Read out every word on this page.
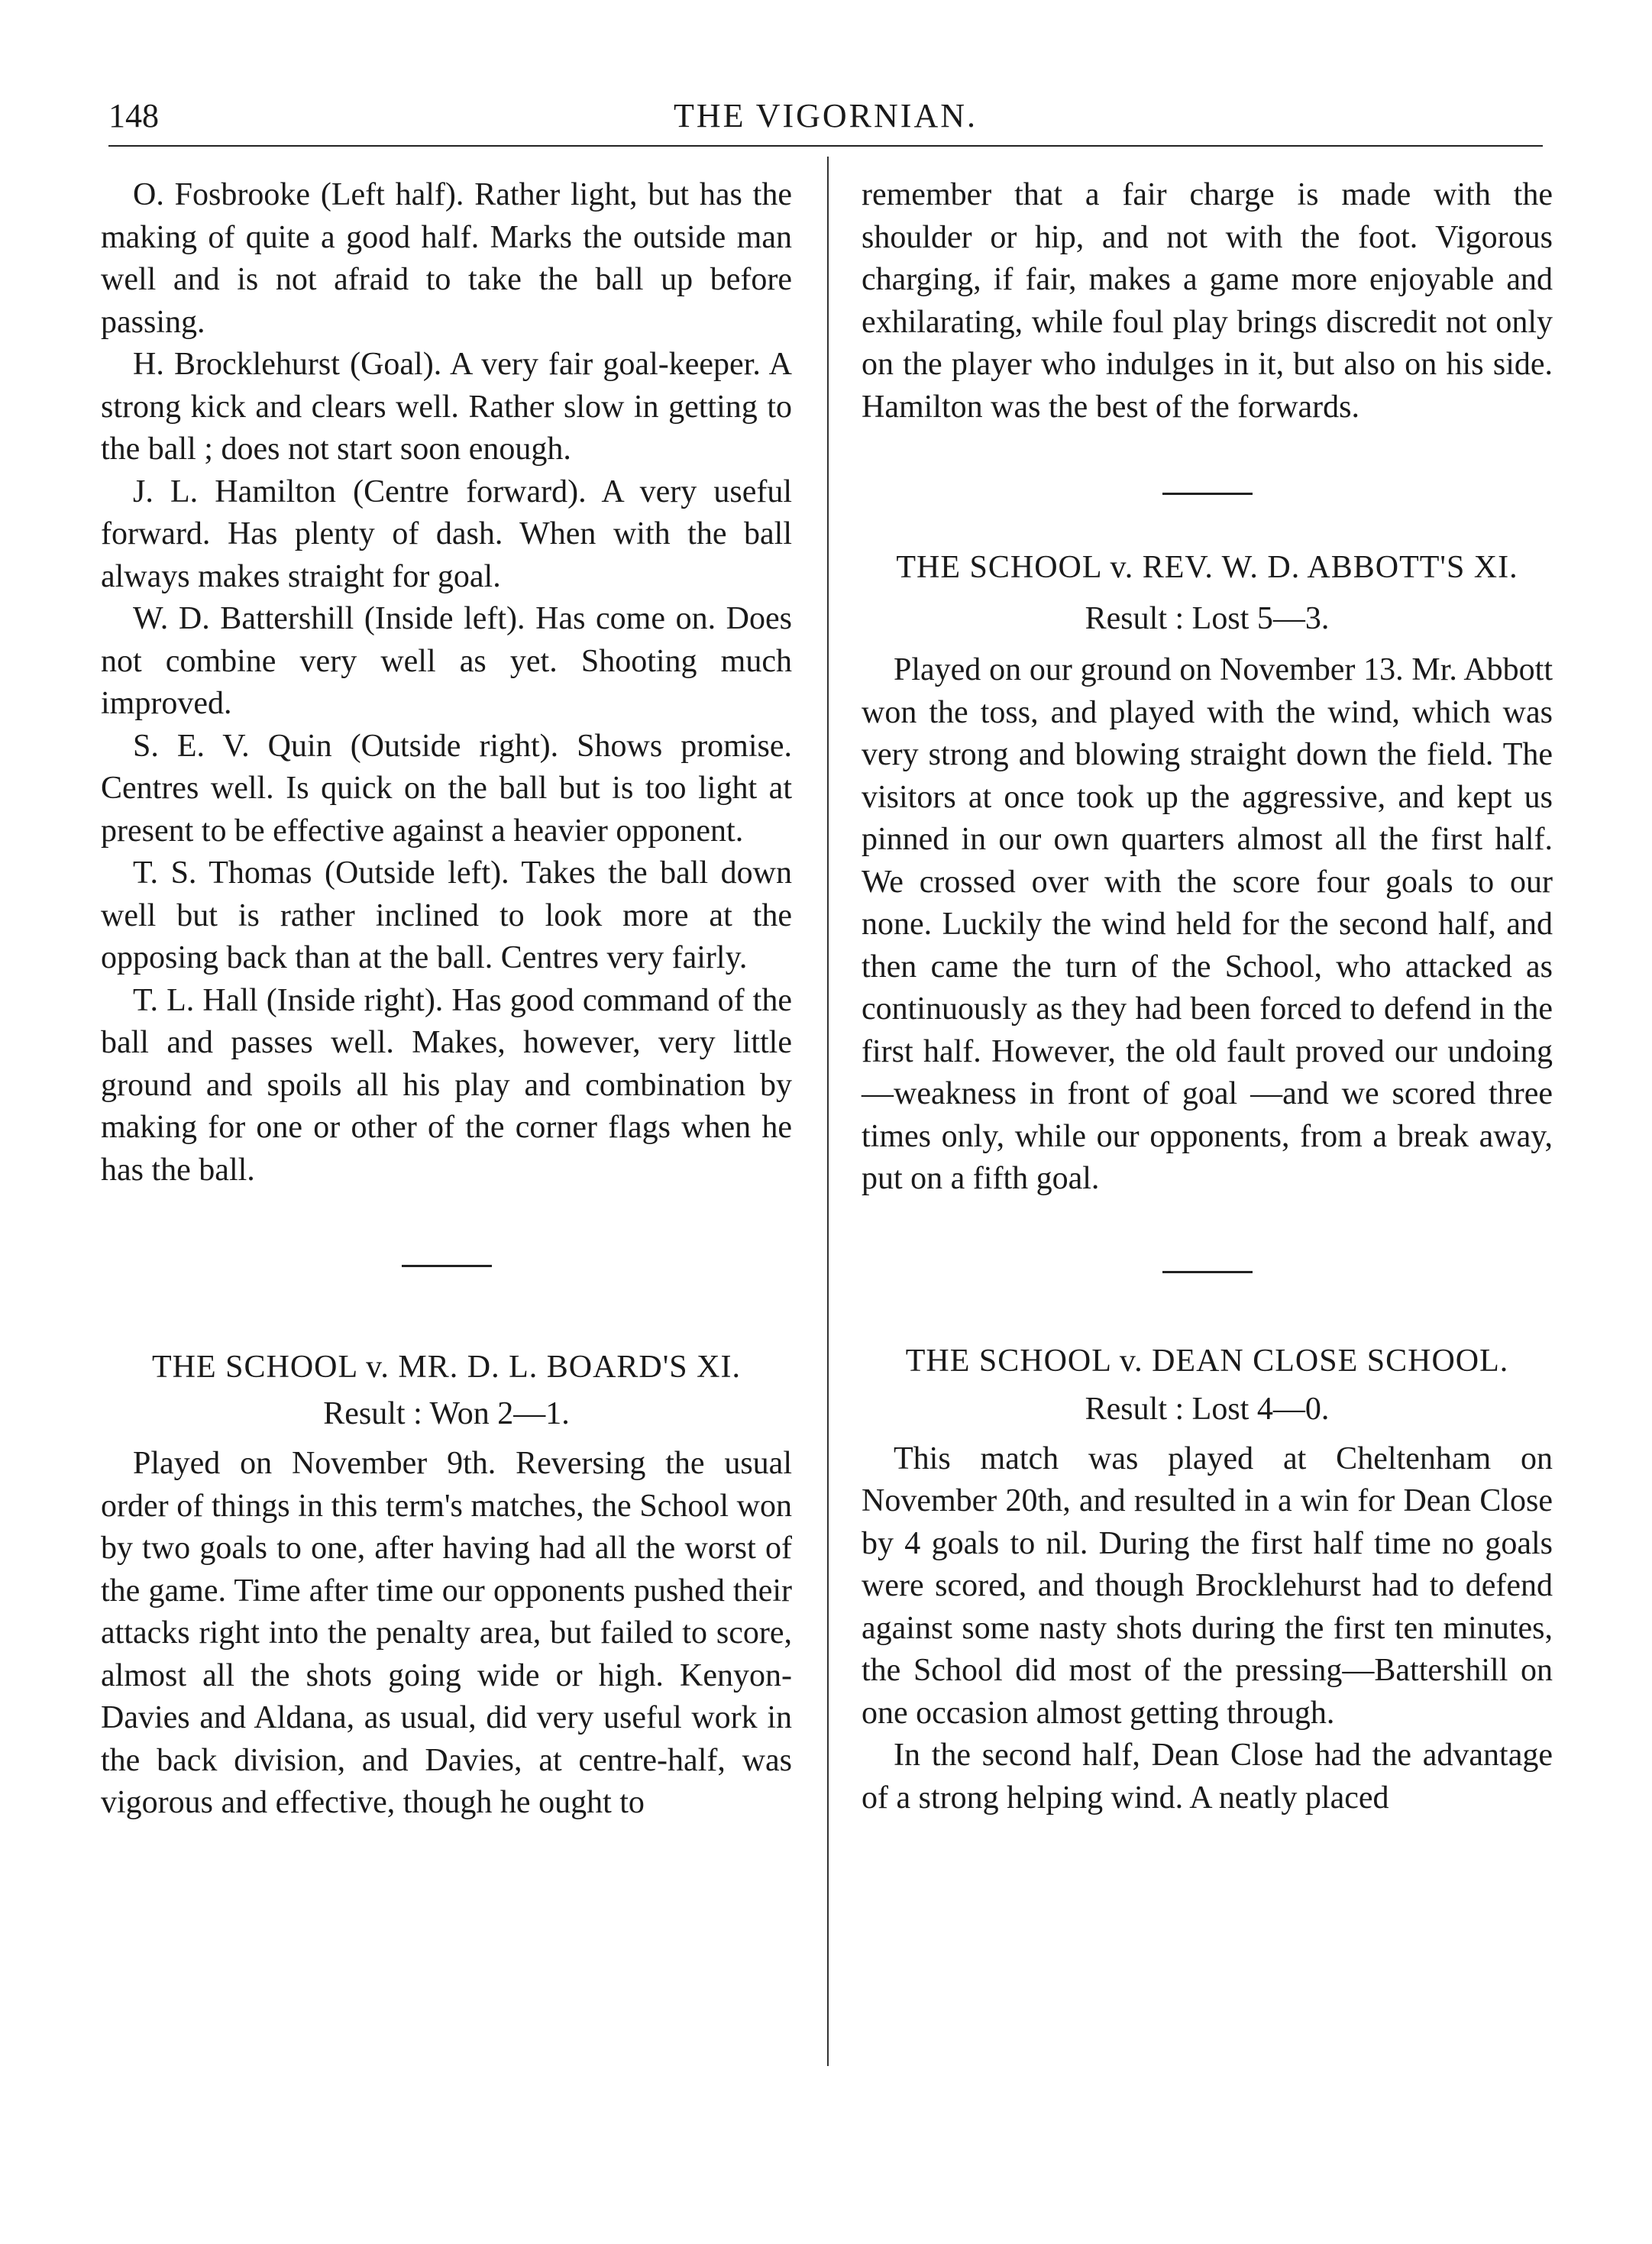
148	THE VIGORNIAN.

O. Fosbrooke (Left half). Rather light, but has the making of quite a good half. Marks the outside man well and is not afraid to take the ball up before passing.

H. Brocklehurst (Goal). A very fair goal-keeper. A strong kick and clears well. Rather slow in getting to the ball ; does not start soon enough.

J. L. Hamilton (Centre forward). A very useful forward. Has plenty of dash. When with the ball always makes straight for goal.

W. D. Battershill (Inside left). Has come on. Does not combine very well as yet. Shooting much improved.

S. E. V. Quin (Outside right). Shows promise. Centres well. Is quick on the ball but is too light at present to be effective against a heavier opponent.

T. S. Thomas (Outside left). Takes the ball down well but is rather inclined to look more at the opposing back than at the ball. Centres very fairly.

T. L. Hall (Inside right). Has good command of the ball and passes well. Makes, however, very little ground and spoils all his play and combination by making for one or other of the corner flags when he has the ball.

THE SCHOOL v. MR. D. L. BOARD'S XI.
Result : Won 2—1.

Played on November 9th. Reversing the usual order of things in this term's matches, the School won by two goals to one, after having had all the worst of the game. Time after time our opponents pushed their attacks right into the penalty area, but failed to score, almost all the shots going wide or high. Kenyon-Davies and Aldana, as usual, did very useful work in the back division, and Davies, at centre-half, was vigorous and effective, though he ought to

remember that a fair charge is made with the shoulder or hip, and not with the foot. Vigorous charging, if fair, makes a game more enjoyable and exhilarating, while foul play brings discredit not only on the player who indulges in it, but also on his side. Hamilton was the best of the forwards.

THE SCHOOL v. REV. W. D. ABBOTT'S XI.
Result : Lost 5—3.

Played on our ground on November 13. Mr. Abbott won the toss, and played with the wind, which was very strong and blowing straight down the field. The visitors at once took up the aggressive, and kept us pinned in our own quarters almost all the first half. We crossed over with the score four goals to our none. Luckily the wind held for the second half, and then came the turn of the School, who attacked as continuously as they had been forced to defend in the first half. However, the old fault proved our undoing—weakness in front of goal —and we scored three times only, while our opponents, from a break away, put on a fifth goal.

THE SCHOOL v. DEAN CLOSE SCHOOL.
Result : Lost 4—0.

This match was played at Cheltenham on November 20th, and resulted in a win for Dean Close by 4 goals to nil. During the first half time no goals were scored, and though Brocklehurst had to defend against some nasty shots during the first ten minutes, the School did most of the pressing—Battershill on one occasion almost getting through.

In the second half, Dean Close had the advantage of a strong helping wind. A neatly placed
